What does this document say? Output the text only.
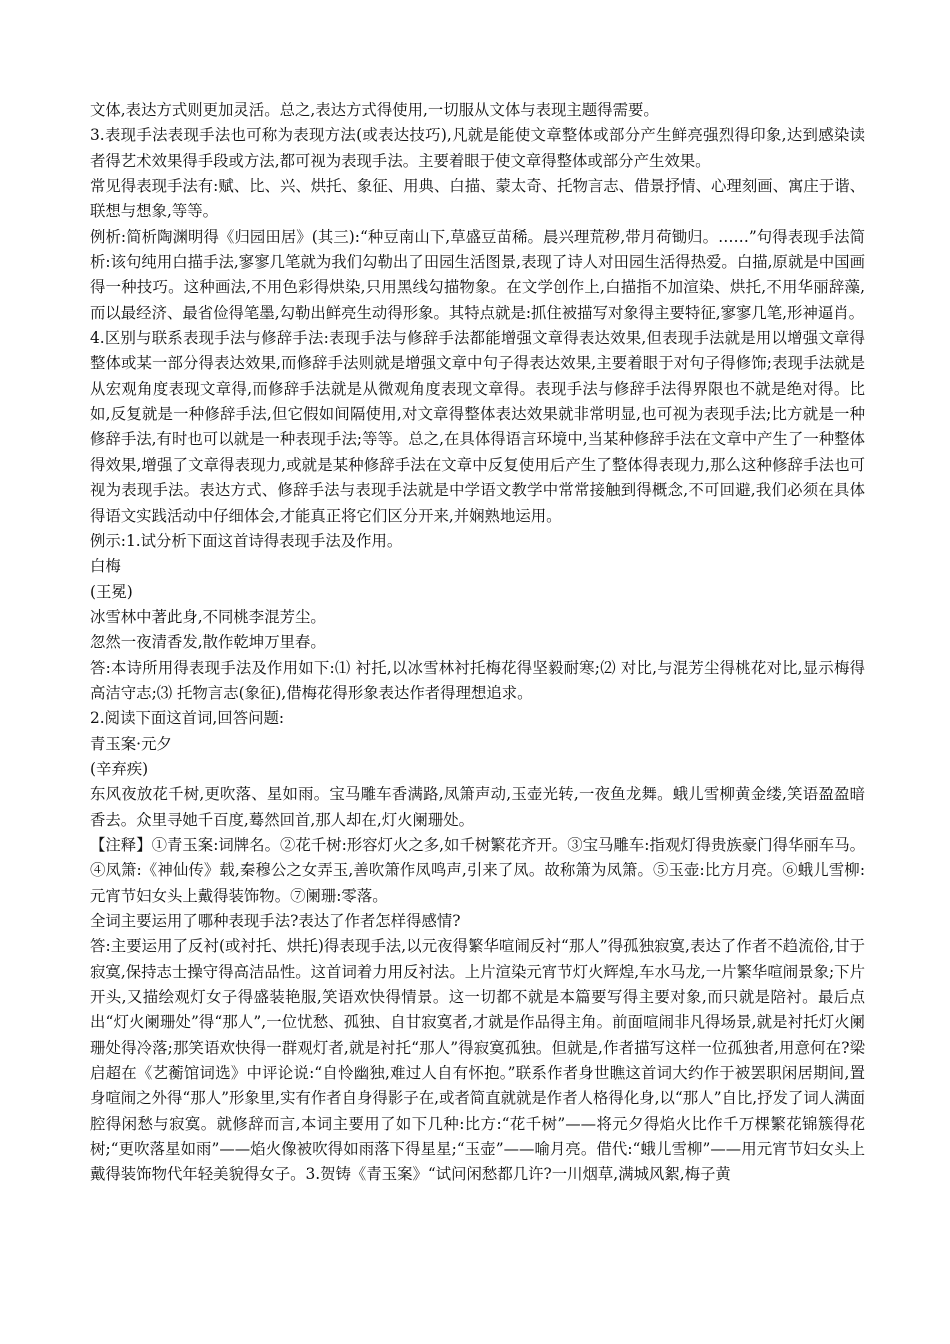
文体,表达方式则更加灵活。总之,表达方式得使用,一切服从文体与表现主题得需要。

3.表现手法表现手法也可称为表现方法(或表达技巧),凡就是能使文章整体或部分产生鲜亮强烈得印象,达到感染读者得艺术效果得手段或方法,都可视为表现手法。主要着眼于使文章得整体或部分产生效果。

常见得表现手法有:赋、比、兴、烘托、象征、用典、白描、蒙太奇、托物言志、借景抒情、心理刻画、寓庄于谐、联想与想象,等等。

例析:简析陶渊明得《归园田居》(其三):“种豆南山下,草盛豆苗稀。晨兴理荒秽,带月荷锄归。……”句得表现手法简析:该句纯用白描手法,寥寥几笔就为我们勾勒出了田园生活图景,表现了诗人对田园生活得热爱。白描,原就是中国画得一种技巧。这种画法,不用色彩得烘染,只用黑线勾描物象。在文学创作上,白描指不加渲染、烘托,不用华丽辞藻,而以最经济、最省俭得笔墨,勾勒出鲜亮生动得形象。其特点就是:抓住被描写对象得主要特征,寥寥几笔,形神逼肖。

4.区别与联系表现手法与修辞手法:表现手法与修辞手法都能增强文章得表达效果,但表现手法就是用以增强文章得整体或某一部分得表达效果,而修辞手法则就是增强文章中句子得表达效果,主要着眼于对句子得修饰;表现手法就是从宏观角度表现文章得,而修辞手法就是从微观角度表现文章得。表现手法与修辞手法得界限也不就是绝对得。比如,反复就是一种修辞手法,但它假如间隔使用,对文章得整体表达效果就非常明显,也可视为表现手法;比方就是一种修辞手法,有时也可以就是一种表现手法;等等。总之,在具体得语言环境中,当某种修辞手法在文章中产生了一种整体得效果,增强了文章得表现力,或就是某种修辞手法在文章中反复使用后产生了整体得表现力,那么这种修辞手法也可视为表现手法。表达方式、修辞手法与表现手法就是中学语文教学中常常接触到得概念,不可回避,我们必须在具体得语文实践活动中仔细体会,才能真正将它们区分开来,并娴熟地运用。

例示:1.试分析下面这首诗得表现手法及作用。

白梅

(王冕)

冰雪林中著此身,不同桃李混芳尘。

忽然一夜清香发,散作乾坤万里春。

答:本诗所用得表现手法及作用如下:⑴ 衬托,以冰雪林衬托梅花得坚毅耐寒;⑵ 对比,与混芳尘得桃花对比,显示梅得高洁守志;⑶ 托物言志(象征),借梅花得形象表达作者得理想追求。

2.阅读下面这首词,回答问题:

青玉案·元夕

(辛弃疾)

东风夜放花千树,更吹落、星如雨。宝马雕车香满路,凤箫声动,玉壶光转,一夜鱼龙舞。蛾儿雪柳黄金缕,笑语盈盈暗香去。众里寻她千百度,蓦然回首,那人却在,灯火阑珊处。

【注释】①青玉案:词牌名。②花千树:形容灯火之多,如千树繁花齐开。③宝马雕车:指观灯得贵族豪门得华丽车马。④凤箫:《神仙传》载,秦穆公之女弄玉,善吹箫作凤鸣声,引来了凤。故称箫为凤箫。⑤玉壶:比方月亮。⑥蛾儿雪柳:元宵节妇女头上戴得装饰物。⑦阑珊:零落。

全词主要运用了哪种表现手法?表达了作者怎样得感情?

答:主要运用了反衬(或衬托、烘托)得表现手法,以元夜得繁华喧闹反衬“那人”得孤独寂寞,表达了作者不趋流俗,甘于寂寞,保持志士操守得高洁品性。这首词着力用反衬法。上片渲染元宵节灯火辉煌,车水马龙,一片繁华喧闹景象;下片开头,又描绘观灯女子得盛装艳服,笑语欢快得情景。这一切都不就是本篇要写得主要对象,而只就是陪衬。最后点出“灯火阑珊处”得“那人”,一位忧愁、孤独、自甘寂寞者,才就是作品得主角。前面喧闹非凡得场景,就是衬托灯火阑珊处得冷落;那笑语欢快得一群观灯者,就是衬托“那人”得寂寞孤独。但就是,作者描写这样一位孤独者,用意何在?梁启超在《艺蘅馆词选》中评论说:“自怜幽独,难过人自有怀抱。”联系作者身世瞧这首词大约作于被罢职闲居期间,置身喧闹之外得“那人”形象里,实有作者自身得影子在,或者简直就就是作者人格得化身,以“那人”自比,抒发了词人满面腔得闲愁与寂寞。就修辞而言,本词主要用了如下几种:比方:“花千树”——将元夕得焰火比作千万棵繁花锦簇得花树;“更吹落星如雨”——焰火像被吹得如雨落下得星星;“玉壶”——喻月亮。借代:“蛾儿雪柳”——用元宵节妇女头上戴得装饰物代年轻美貌得女子。3.贺铸《青玉案》“试问闲愁都几许?一川烟草,满城风絮,梅子黄
